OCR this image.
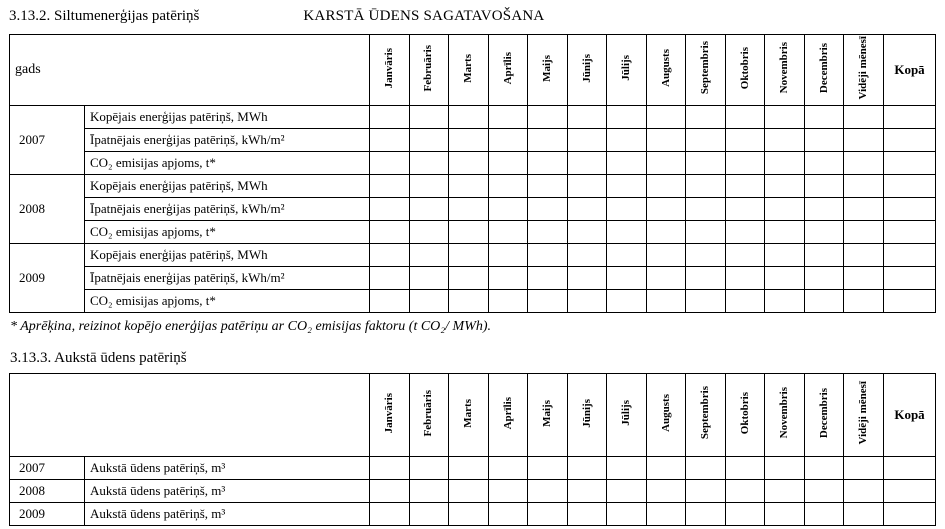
3.13.2. Siltumenerģijas patēriņš	KARSTĀ ŪDENS SAGATAVOŠANA
gads		Janvāris	Februāris	Marts	Aprīlis	Maijs	Jūnijs	Jūlijs	Augusts	Septembris	Oktobris	Novembris	Decembris	Vidēji mēnesī	Kopā
2007	Kopējais enerģijas patēriņš, MWh														
	Īpatnējais enerģijas patēriņš, kWh/m²														
	CO₂ emisijas apjoms, t*														
2008	Kopējais enerģijas patēriņš, MWh														
	Īpatnējais enerģijas patēriņš, kWh/m²														
	CO₂ emisijas apjoms, t*														
2009	Kopējais enerģijas patēriņš, MWh														
	Īpatnējais enerģijas patēriņš, kWh/m²														
	CO₂ emisijas apjoms, t*														
* Aprēķina, reizinot kopējo enerģijas patēriņu ar CO₂ emisijas faktoru (t CO₂/ MWh).
3.13.3. Aukstā ūdens patēriņš
		Janvāris	Februāris	Marts	Aprīlis	Maijs	Jūnijs	Jūlijs	Augusts	Septembris	Oktobris	Novembris	Decembris	Vidēji mēnesī	Kopā
2007	Aukstā ūdens patēriņš, m³														
2008	Aukstā ūdens patēriņš, m³														
2009	Aukstā ūdens patēriņš, m³														
